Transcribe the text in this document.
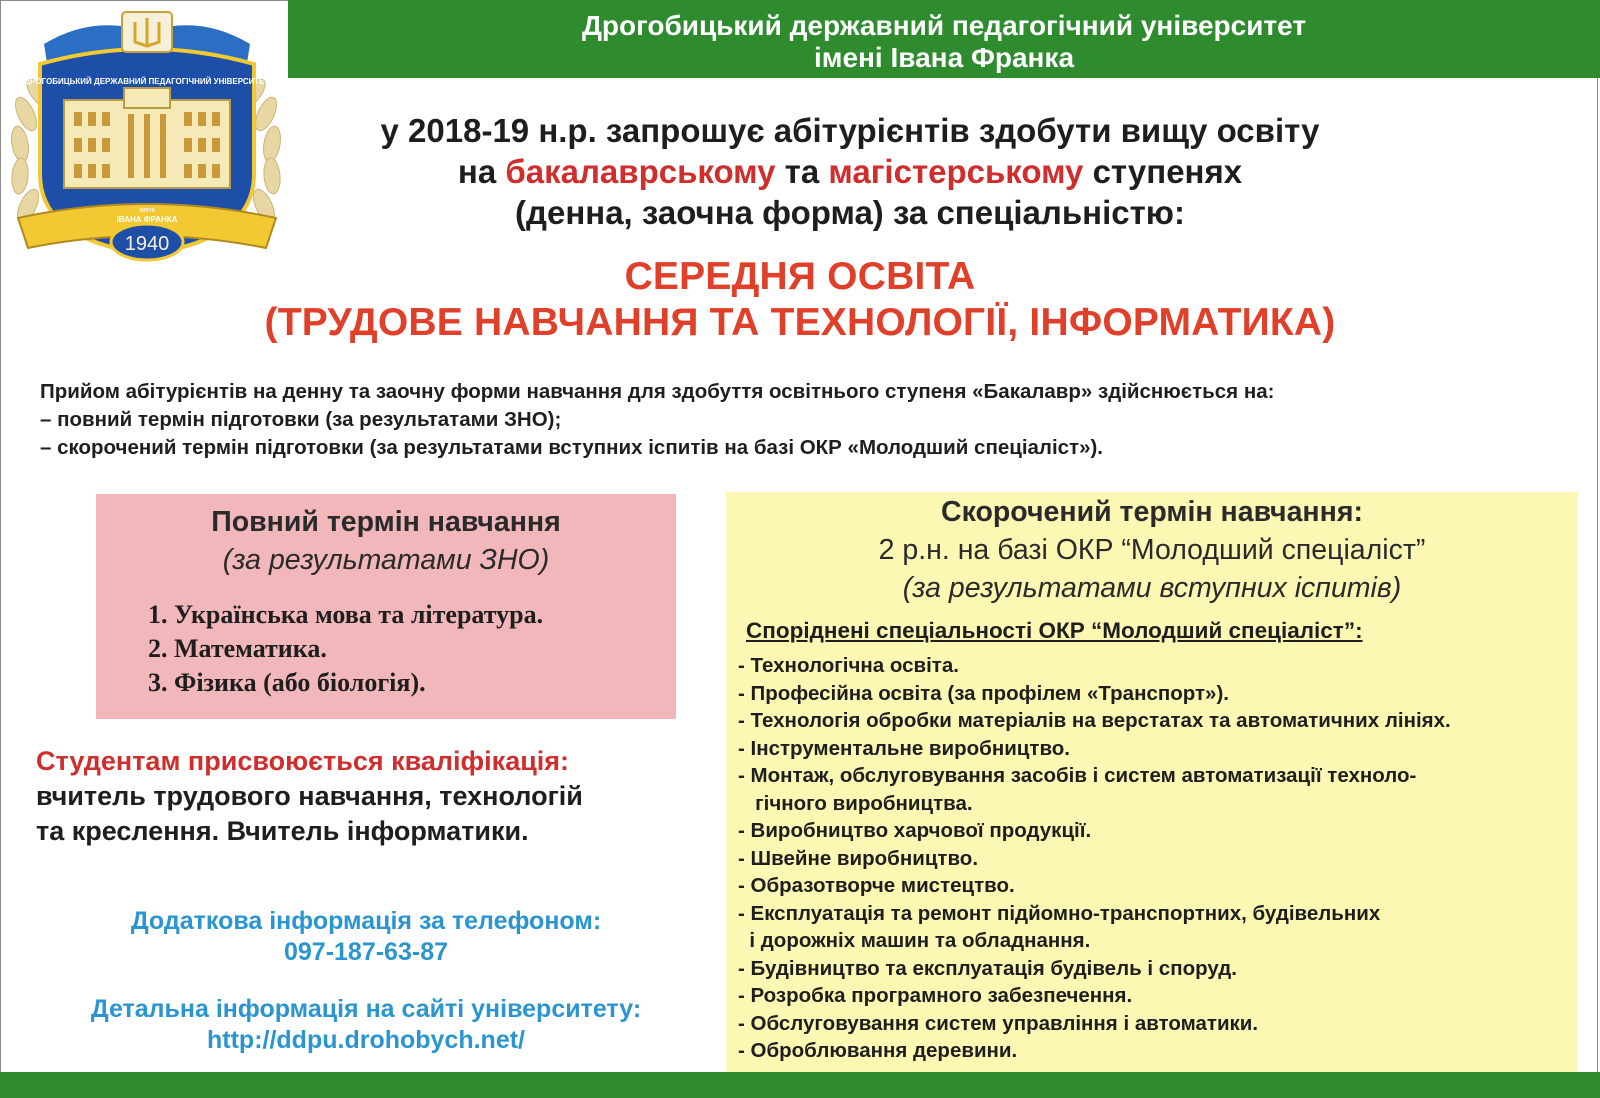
ДРОГОБИЦЬКИЙ ДЕРЖАВНИЙ ПЕДАГОГІЧНИЙ УНІВЕРСИТЕТ
імені
ІВАНА ФРАНКА
1940
Дрогобицький державний педагогічний університет
імені Івана Франка
у 2018-19 н.р. запрошує абітурієнтів здобути вищу освіту
на бакалаврському та магістерському ступенях
(денна, заочна форма) за спеціальністю:
СЕРЕДНЯ ОСВІТА
(ТРУДОВЕ НАВЧАННЯ ТА ТЕХНОЛОГІЇ, ІНФОРМАТИКА)
Прийом абітурієнтів на денну та заочну форми навчання для здобуття освітнього ступеня «Бакалавр» здійснюється на:
– повний термін підготовки (за результатами ЗНО);
– скорочений термін підготовки (за результатами вступних іспитів на базі ОКР «Молодший спеціаліст»).
Повний термін навчання
(за результатами ЗНО)
1. Українська мова та література.
2. Математика.
3. Фізика (або біологія).
Студентам присвоюється кваліфікація:
вчитель трудового навчання, технологій
та креслення. Вчитель інформатики.
Додаткова інформація за телефоном:
097-187-63-87
Детальна інформація на сайті університету:
http://ddpu.drohobych.net/
Скорочений термін навчання:
2 р.н. на базі ОКР “Молодший спеціаліст”
(за результатами вступних іспитів)
Споріднені спеціальності ОКР “Молодший спеціаліст”:
- Технологічна освіта.
- Професійна освіта (за профілем «Транспорт»).
- Технологія обробки матеріалів на верстатах та автоматичних лініях.
- Інструментальне виробництво.
- Монтаж, обслуговування засобів і систем автоматизації техноло-
гічного виробництва.
- Виробництво харчової продукції.
- Швейне виробництво.
- Образотворче мистецтво.
- Експлуатація та ремонт підйомно-транспортних, будівельних
і дорожніх машин та обладнання.
- Будівництво та експлуатація будівель і споруд.
- Розробка програмного забезпечення.
- Обслуговування систем управління і автоматики.
- Оброблювання деревини.
